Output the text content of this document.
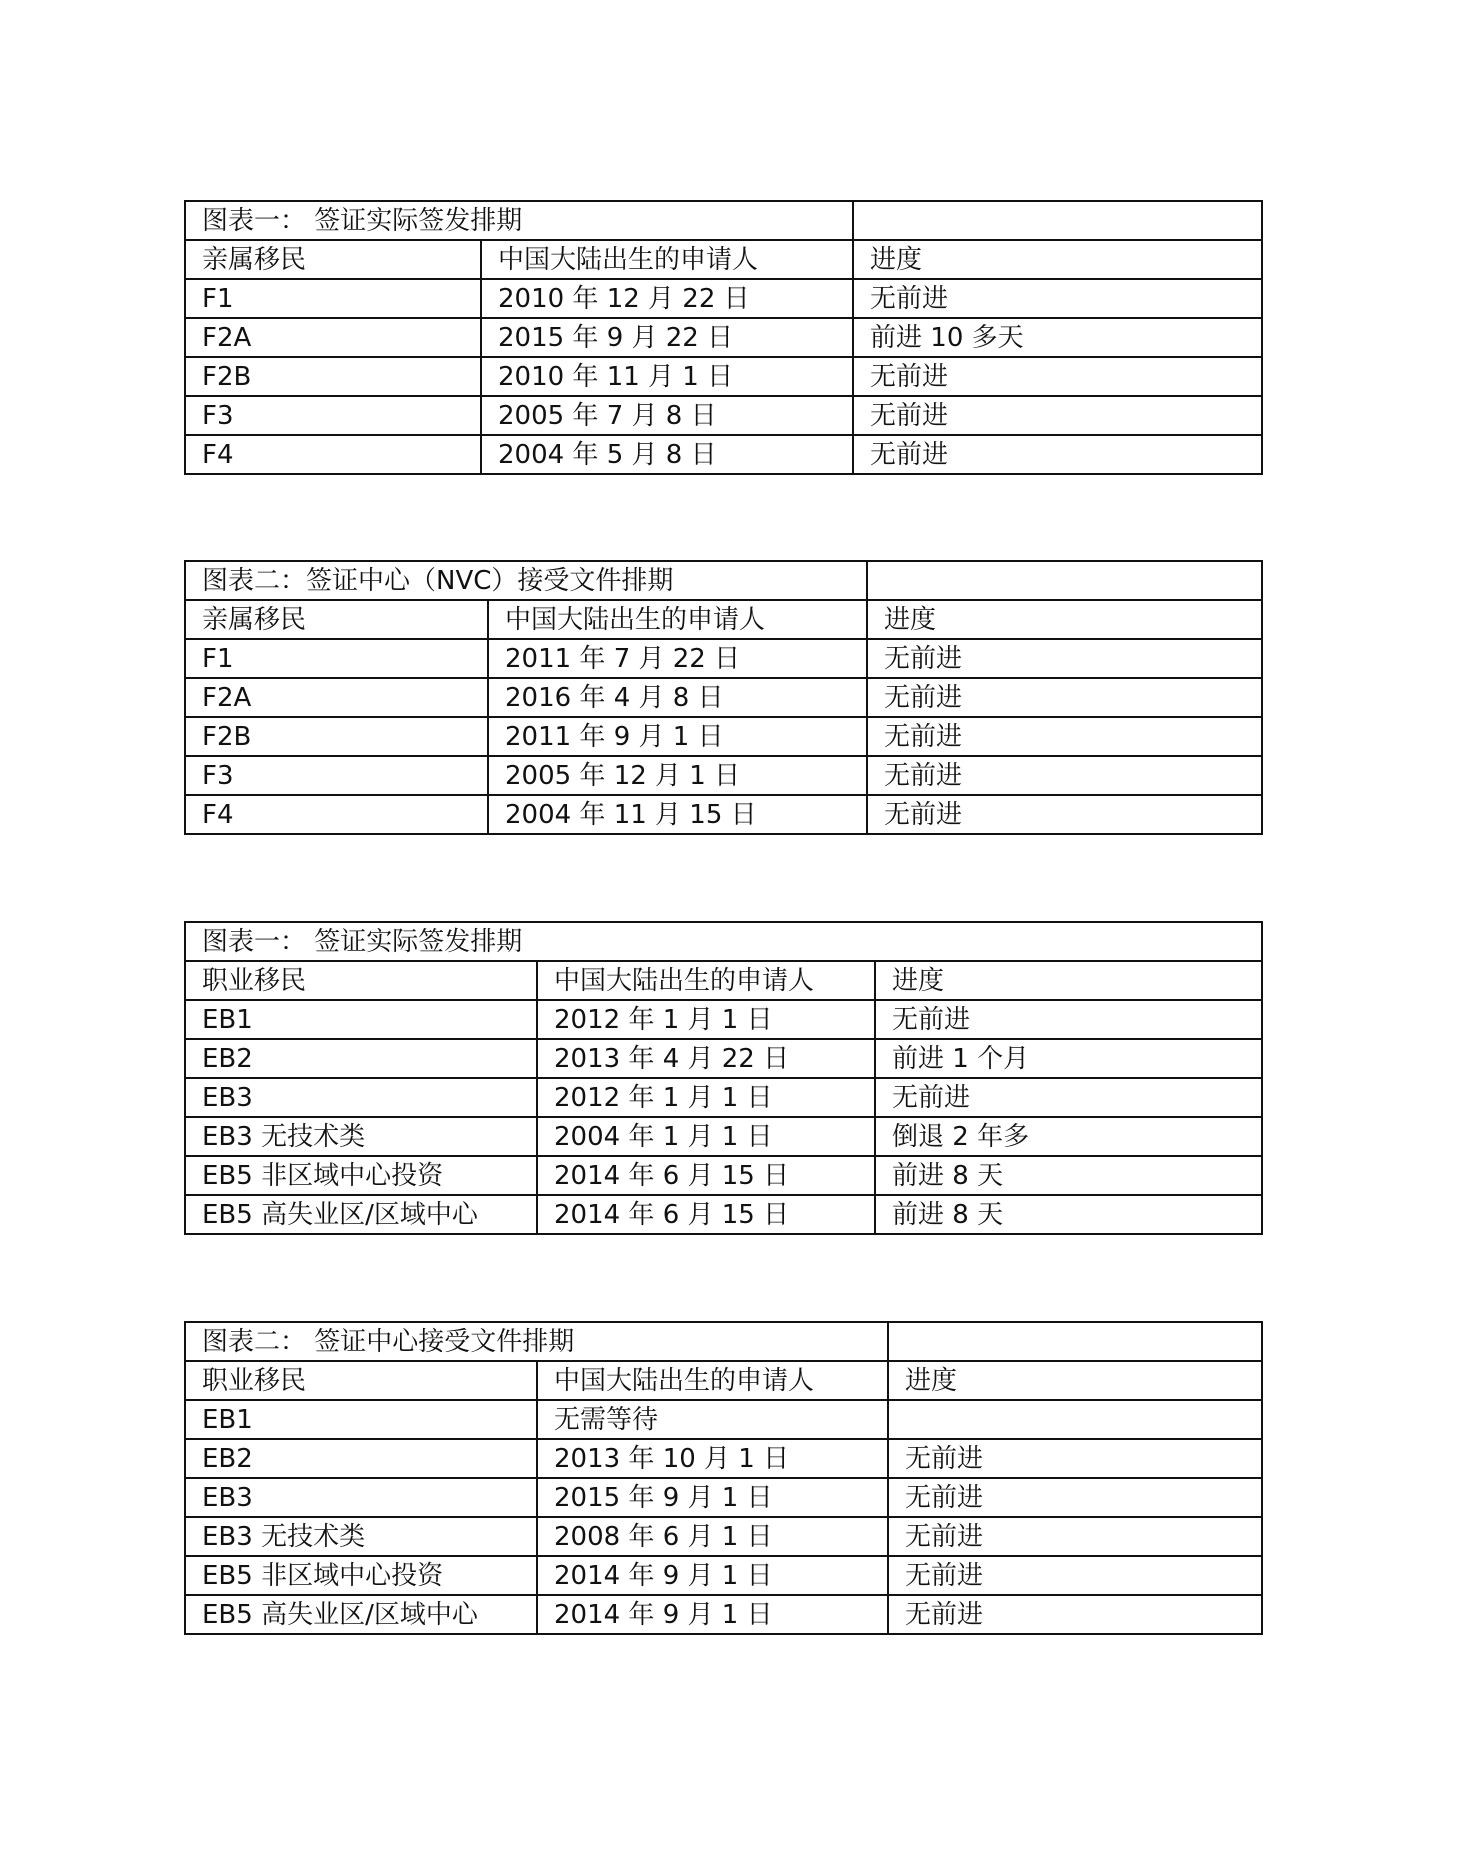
图表一： 签证实际签发排期		
亲属移民	中国大陆出生的申请人	进度
F1	2010 年 12 月 22 日	无前进
F2A	2015 年 9 月 22 日	前进 10 多天
F2B	2010 年 11 月 1 日	无前进
F3	2005 年 7 月 8 日	无前进
F4	2004 年 5 月 8 日	无前进
图表二：签证中心（NVC）接受文件排期		
亲属移民	中国大陆出生的申请人	进度
F1	2011 年 7 月 22 日	无前进
F2A	2016 年 4 月 8 日	无前进
F2B	2011 年 9 月 1 日	无前进
F3	2005 年 12 月 1 日	无前进
F4	2004 年 11 月 15 日	无前进
图表一： 签证实际签发排期		
职业移民	中国大陆出生的申请人	进度
EB1	2012 年 1 月 1 日	无前进
EB2	2013 年 4 月 22 日	前进 1 个月
EB3	2012 年 1 月 1 日	无前进
EB3 无技术类	2004 年 1 月 1 日	倒退 2 年多
EB5 非区域中心投资	2014 年 6 月 15 日	前进 8 天
EB5 高失业区/区域中心	2014 年 6 月 15 日	前进 8 天
图表二： 签证中心接受文件排期		
职业移民	中国大陆出生的申请人	进度
EB1	无需等待	
EB2	2013 年 10 月 1 日	无前进
EB3	2015 年 9 月 1 日	无前进
EB3 无技术类	2008 年 6 月 1 日	无前进
EB5 非区域中心投资	2014 年 9 月 1 日	无前进
EB5 高失业区/区域中心	2014 年 9 月 1 日	无前进
